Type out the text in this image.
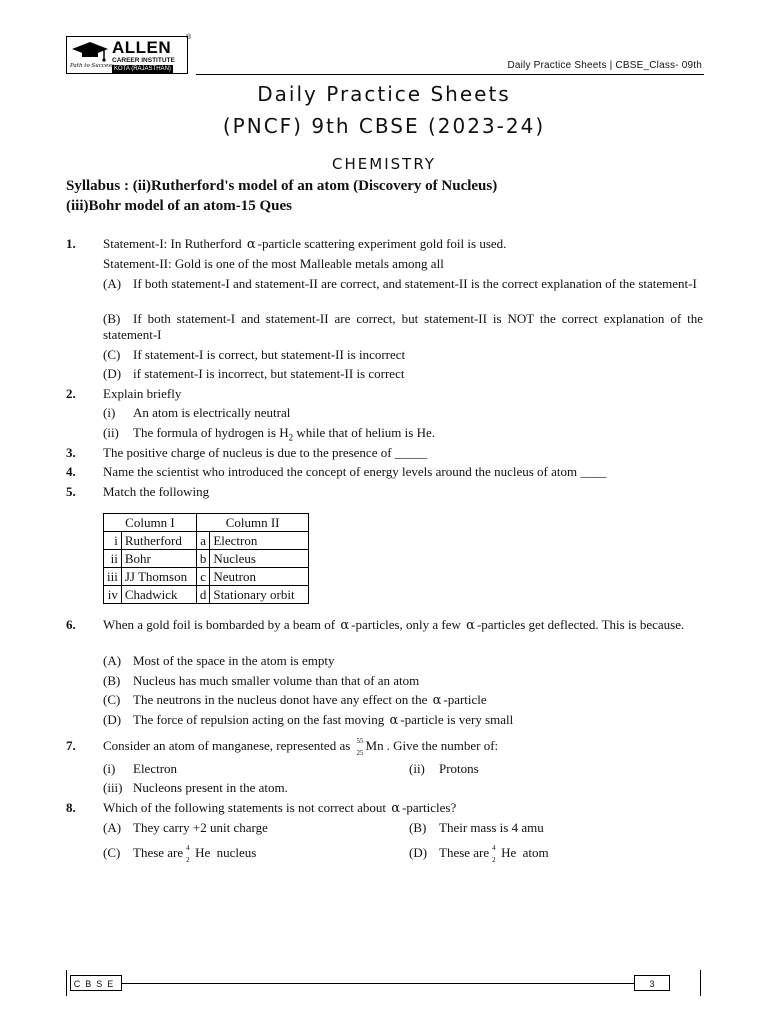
ALLEN
®
CAREER INSTITUTE
KOTA (RAJASTHAN)
Path to Success	Daily Practice Sheets | CBSE_Class- 09th
Daily Practice Sheets
(PNCF) 9th CBSE (2023-24)
CHEMISTRY
Syllabus : (ii)Rutherford's model of an atom (Discovery of Nucleus)
(iii)Bohr model of an atom-15 Ques
1. Statement-I: In Rutherford α -particle scattering experiment gold foil is used.
Statement-II: Gold is one of the most Malleable metals among all
(A) If both statement-I and statement-II are correct, and statement-II is the correct explanation of the statement-I
(B) If both statement-I and statement-II are correct, but statement-II is NOT the correct explanation of the statement-I
(C) If statement-I is correct, but statement-II is incorrect
(D) if statement-I is incorrect, but statement-II is correct
2. Explain briefly
(i) An atom is electrically neutral
(ii) The formula of hydrogen is $H_2$ while that of helium is He.
3. The positive charge of nucleus is due to the presence of _____
4. Name the scientist who introduced the concept of energy levels around the nucleus of atom ____
5. Match the following
Column I		Column II	
i	Rutherford	a	Electron
ii	Bohr	b	Nucleus
iii	JJ Thomson	c	Neutron
iv	Chadwick	d	Stationary orbit
6. When a gold foil is bombarded by a beam of α -particles, only a few α -particles get deflected. This is because.
(A) Most of the space in the atom is empty
(B) Nucleus has much smaller volume than that of an atom
(C) The neutrons in the nucleus donot have any effect on the α -particle
(D) The force of repulsion acting on the fast moving α -particle is very small
7. Consider an atom of manganese, represented as 55
25 Mn . Give the number of:
(i) Electron	(ii) Protons
(iii) Nucleons present in the atom.
8. Which of the following statements is not correct about α -particles?
(A) They carry +2 unit charge	(B) Their mass is 4 amu
(C) These are 4
2 He nucleus	(D) These are 4
2 He atom
CBSE	3
